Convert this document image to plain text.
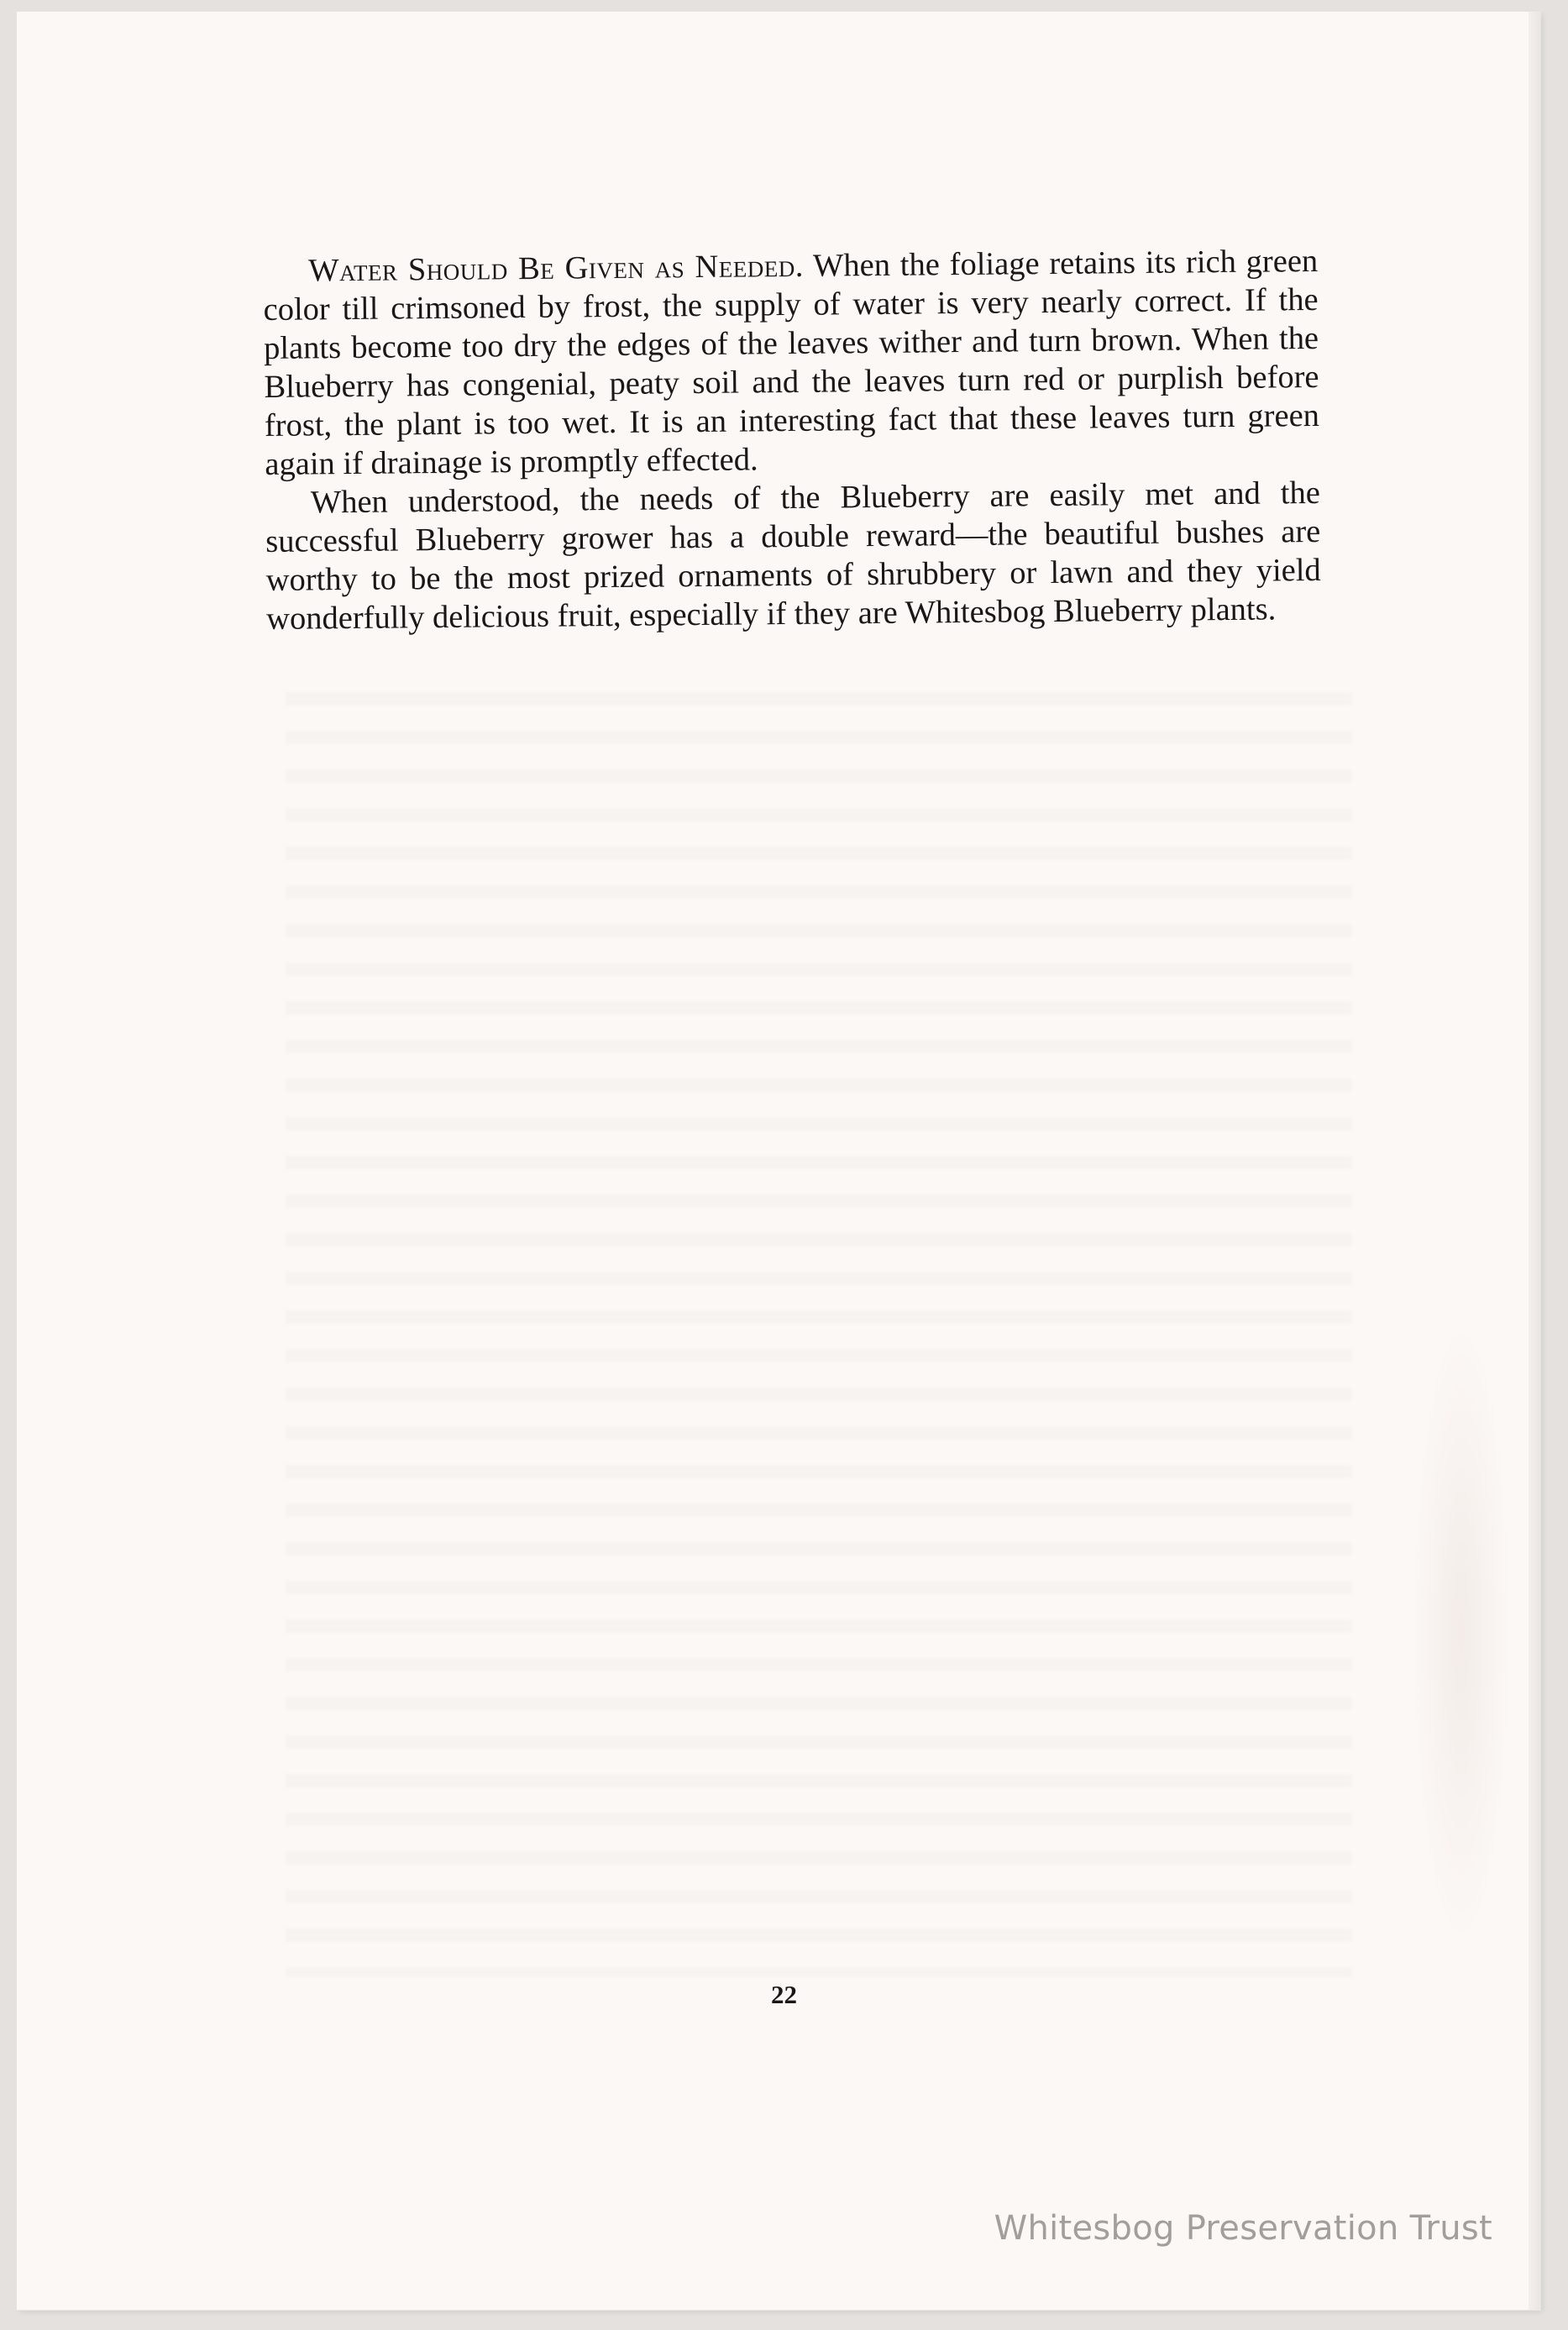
Water Should Be Given as Needed. When the foliage retains its rich green color till crimsoned by frost, the supply of water is very nearly correct. If the plants become too dry the edges of the leaves wither and turn brown. When the Blueberry has congenial, peaty soil and the leaves turn red or purplish before frost, the plant is too wet. It is an interesting fact that these leaves turn green again if drainage is promptly effected.

When understood, the needs of the Blueberry are easily met and the successful Blueberry grower has a double reward—the beautiful bushes are worthy to be the most prized ornaments of shrubbery or lawn and they yield wonderfully delicious fruit, especially if they are Whitesbog Blueberry plants.

22
Whitesbog Preservation Trust
